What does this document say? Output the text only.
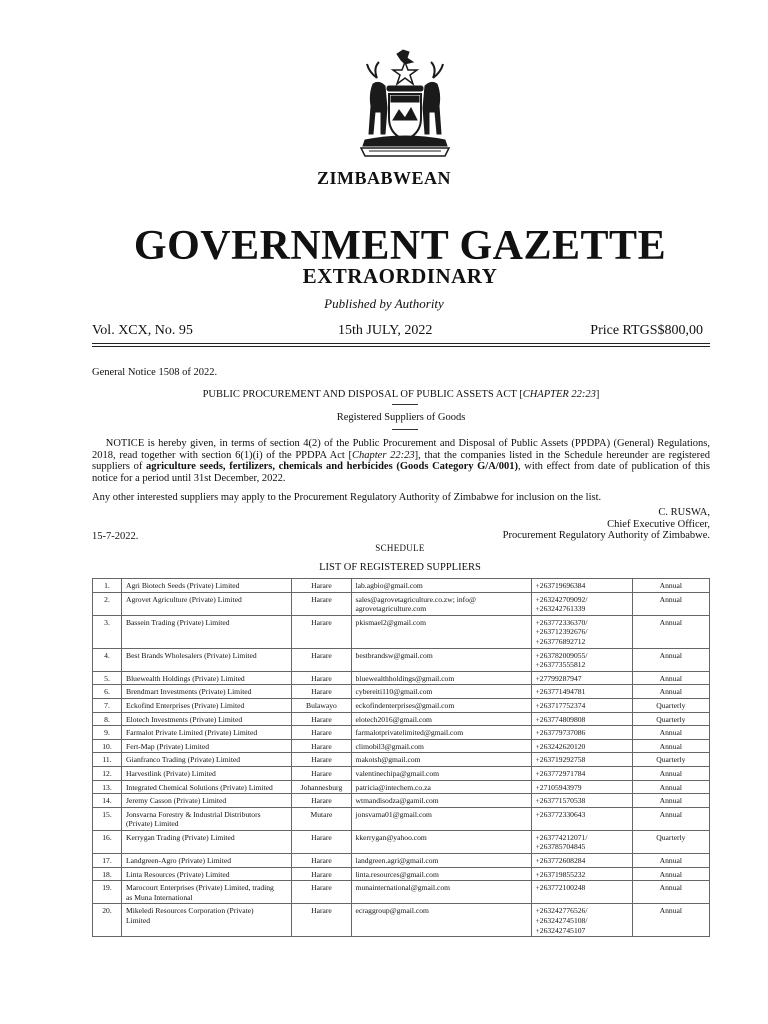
ZIMBABWEAN
GOVERNMENT GAZETTE
EXTRAORDINARY
Published by Authority
Vol. XCX, No. 95	15th JULY, 2022	Price RTGS$800,00
General Notice 1508 of 2022.
PUBLIC PROCUREMENT AND DISPOSAL OF PUBLIC ASSETS ACT [CHAPTER 22:23]
Registered Suppliers of Goods
NOTICE is hereby given, in terms of section 4(2) of the Public Procurement and Disposal of Public Assets (PPDPA) (General) Regulations, 2018, read together with section 6(1)(i) of the PPDPA Act [Chapter 22:23], that the companies listed in the Schedule hereunder are registered suppliers of agriculture seeds, fertilizers, chemicals and herbicides (Goods Category G/A/001), with effect from date of publication of this notice for a period until 31st December, 2022.
Any other interested suppliers may apply to the Procurement Regulatory Authority of Zimbabwe for inclusion on the list.
C. RUSWA,
Chief Executive Officer,
Procurement Regulatory Authority of Zimbabwe.
15-7-2022.
SCHEDULE
LIST OF REGISTERED SUPPLIERS
1.	Agri Biotech Seeds (Private) Limited	Harare	lab.agbio@gmail.com	+263719696384	Annual
2.	Agrovet Agriculture (Private) Limited	Harare	sales@agrovetagriculture.co.zw; info@
agrovetagriculture.com	+263242709092/
+263242761339	Annual
3.	Bassein Trading (Private) Limited	Harare	pkismael2@gmail.com	+263772336370/
+263712392676/
+263776892712	Annual
4.	Best Brands Wholesalers (Private) Limited	Harare	bestbrandsw@gmail.com	+263782009055/
+263773555812	Annual
5.	Bluewealth Holdings (Private) Limited	Harare	bluewealthholdings@gmail.com	+27799287947	Annual
6.	Brendmart Investments (Private) Limited	Harare	cybereiti110@gmail.com	+263771494781	Annual
7.	Eckofind Enterprises (Private) Limited	Bulawayo	eckofindenterprises@gmail.com	+263717752374	Quarterly
8.	Elotech Investments (Private) Limited	Harare	elotech2016@gmail.com	+263774809808	Quarterly
9.	Farmalot Private Limited (Private) Limited	Harare	farmalotprivatelimited@gmail.com	+263779737086	Annual
10.	Fert-Map (Private) Limited	Harare	climobil3@gmail.com	+263242620120	Annual
11.	Gianfranco Trading (Private) Limited	Harare	makotsh@gmail.com	+263719292758	Quarterly
12.	Harvestlink (Private) Limited	Harare	valentinechipa@gmail.com	+263772971784	Annual
13.	Integrated Chemical Solutions (Private) Limited	Johannesburg	patricia@intechem.co.za	+27105943979	Annual
14.	Jeremy Casson (Private) Limited	Harare	wtmandisodza@gamil.com	+263771570538	Annual
15.	Jonsvarna Forestry & Industrial Distributors
(Private) Limited	Mutare	jonsvarna01@gmail.com	+263772330643	Annual
16.	Kerrygan Trading (Private) Limited	Harare	kkerrygan@yahoo.com	+263774212071/
+263785704845	Quarterly
17.	Landgreen-Agro (Private) Limited	Harare	landgreen.agri@gmail.com	+263772608284	Annual
18.	Linta Resources (Private) Limited	Harare	linta.resources@gmail.com	+263719855232	Annual
19.	Marocourt Enterprises (Private) Limited, trading
as Muna International	Harare	munainternational@gmail.com	+263772100248	Annual
20.	Mikeledi Resources Corporation (Private)
Limited	Harare	ecraggroup@gmail.com	+263242776526/
+263242745108/
+263242745107	Annual
